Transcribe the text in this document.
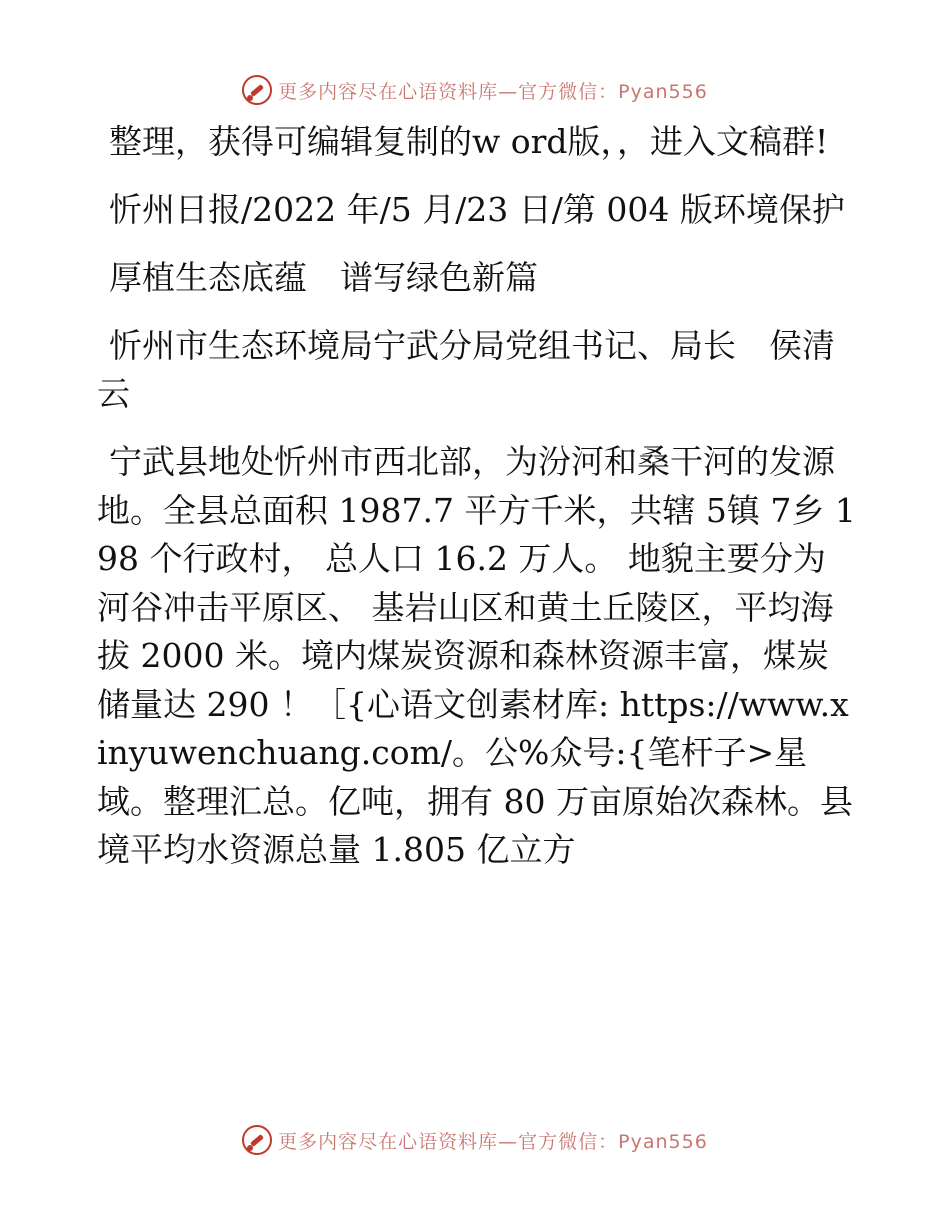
更多内容尽在心语资料库—官方微信：Pyan556

整理，获得可编辑复制的w ord版，，进入文稿群!

忻州日报/2022 年/5 月/23 日/第 004 版环境保护

厚植生态底蕴　谱写绿色新篇

忻州市生态环境局宁武分局党组书记、局长　侯清云

宁武县地处忻州市西北部，为汾河和桑干河的发源地。全县总面积 1987.7 平方千米，共辖 5镇 7乡 198 个行政村， 总人口 16.2 万人。 地貌主要分为河谷冲击平原区、 基岩山区和黄土丘陵区，平均海拔 2000 米。境内煤炭资源和森林资源丰富，煤炭储量达 290 ！［{心语文创素材库: https://www.xinyuwenchuang.com/。公%众号:{笔杆子>星域。整理汇总。亿吨，拥有 80 万亩原始次森林。县境平均水资源总量 1.805 亿立方

更多内容尽在心语资料库—官方微信：Pyan556
